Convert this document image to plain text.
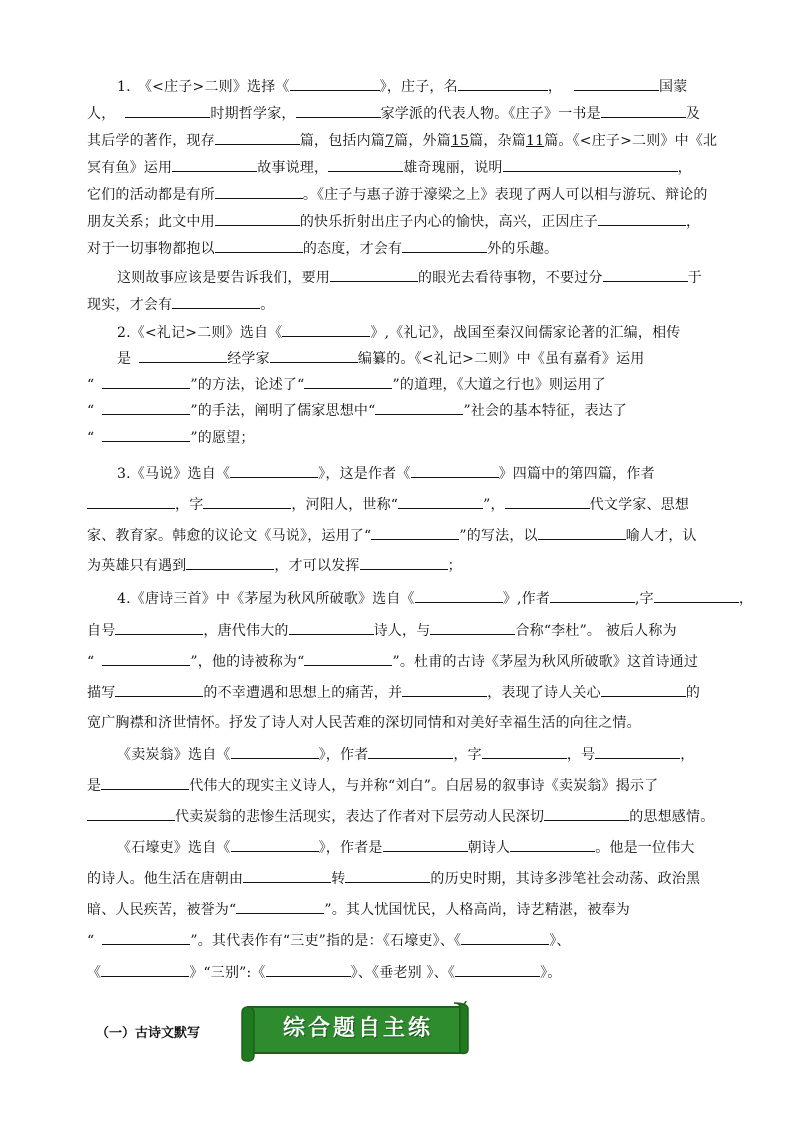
1.　《<庄子>二则》选择《	》，庄子，名	，	国蒙
人，	时期哲学家，	家学派的代表人物。《庄子》一书是	及
其后学的著作，现存	篇，包括内篇7篇，外篇15篇，杂篇11篇。《<庄子>二则》中《北
冥有鱼》运用	故事说理，	雄奇瑰丽，说明	，
它们的活动都是有所	。《庄子与惠子游于濠梁之上》表现了两人可以相与游玩、辩论的
朋友关系；此文中用	的快乐折射出庄子内心的愉快，高兴，正因庄子	，
对于一切事物都抱以	的态度，才会有	外的乐趣。
这则故事应该是要告诉我们，要用	的眼光去看待事物，不要过分	于
现实，才会有	。
2.《<礼记>二则》选自《	》,《礼记》，战国至秦汉间儒家论著的汇编，相传
是	经学家	编纂的。《<礼记>二则》中《虽有嘉肴》运用
“	”的方法，论述了“	”的道理，《大道之行也》则运用了
“	”的手法，阐明了儒家思想中“	”社会的基本特征，表达了
“	”的愿望；
3.《马说》选自《	》，这是作者《	》四篇中的第四篇，作者
，字	，河阳人，世称“	”，	代文学家、思想
家、教育家。韩愈的议论文《马说》，运用了“	”的写法，以	喻人才，认
为英雄只有遇到	，才可以发挥	；
4.《唐诗三首》中《茅屋为秋风所破歌》选自《	》,作者	,字	，
自号	，唐代伟大的	诗人，与	合称“李杜”。 被后人称为
“	”，他的诗被称为“	”。杜甫的古诗《茅屋为秋风所破歌》这首诗通过
描写	的不幸遭遇和思想上的痛苦，并	，表现了诗人关心	的
宽广胸襟和济世情怀。抒发了诗人对人民苦难的深切同情和对美好幸福生活的向往之情。
《卖炭翁》选自《	》，作者	，字	，号	，
是	代伟大的现实主义诗人，与并称“刘白”。白居易的叙事诗《卖炭翁》揭示了
代卖炭翁的悲惨生活现实，表达了作者对下层劳动人民深切	的思想感情。
《石壕吏》选自《	》，作者是	朝诗人	。他是一位伟大
的诗人。他生活在唐朝由	转	的历史时期，其诗多涉笔社会动荡、政治黑
暗、人民疾苦，被誉为“	”。其人忧国忧民，人格高尚，诗艺精湛，被奉为
“	”。其代表作有“三吏”指的是：《石壕吏》、《	》、
《	》“三别”:《	》、《垂老别 》、《	》。
（一）古诗文默写	综合题自主练
